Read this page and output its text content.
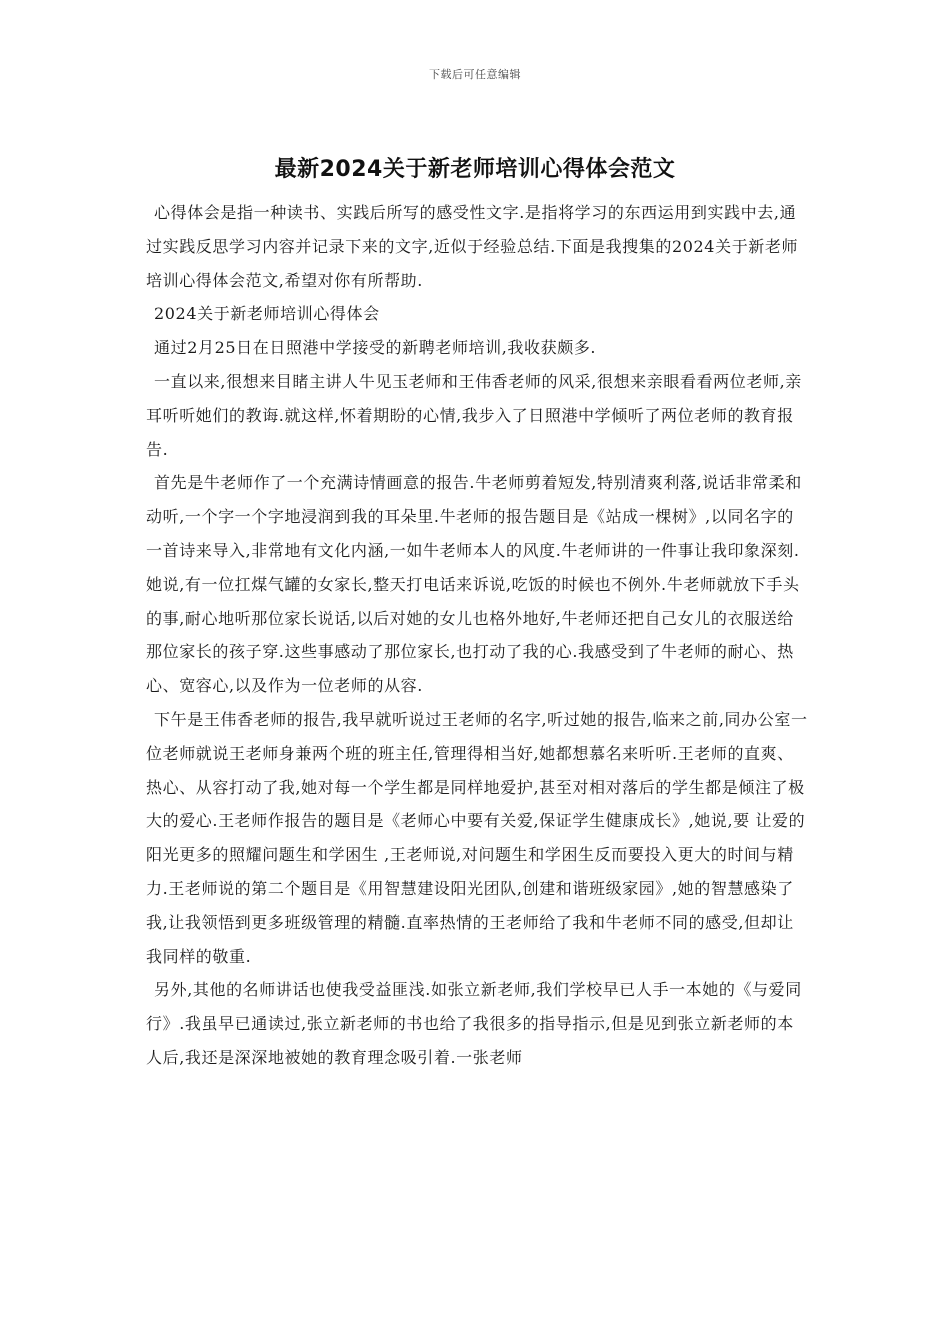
下载后可任意编辑
最新2024关于新老师培训心得体会范文

心得体会是指一种读书、实践后所写的感受性文字.是指将学习的东西运用到实践中去,通过实践反思学习内容并记录下来的文字,近似于经验总结.下面是我搜集的2024关于新老师培训心得体会范文,希望对你有所帮助.

2024关于新老师培训心得体会

通过2月25日在日照港中学接受的新聘老师培训,我收获颇多.

一直以来,很想来目睹主讲人牛见玉老师和王伟香老师的风采,很想来亲眼看看两位老师,亲耳听听她们的教诲.就这样,怀着期盼的心情,我步入了日照港中学倾听了两位老师的教育报告.

首先是牛老师作了一个充满诗情画意的报告.牛老师剪着短发,特别清爽利落,说话非常柔和动听,一个字一个字地浸润到我的耳朵里.牛老师的报告题目是《站成一棵树》,以同名字的一首诗来导入,非常地有文化内涵,一如牛老师本人的风度.牛老师讲的一件事让我印象深刻.她说,有一位扛煤气罐的女家长,整天打电话来诉说,吃饭的时候也不例外.牛老师就放下手头的事,耐心地听那位家长说话,以后对她的女儿也格外地好,牛老师还把自己女儿的衣服送给那位家长的孩子穿.这些事感动了那位家长,也打动了我的心.我感受到了牛老师的耐心、热心、宽容心,以及作为一位老师的从容.

下午是王伟香老师的报告,我早就听说过王老师的名字,听过她的报告,临来之前,同办公室一位老师就说王老师身兼两个班的班主任,管理得相当好,她都想慕名来听听.王老师的直爽、热心、从容打动了我,她对每一个学生都是同样地爱护,甚至对相对落后的学生都是倾注了极大的爱心.王老师作报告的题目是《老师心中要有关爱,保证学生健康成长》,她说,要 让爱的阳光更多的照耀问题生和学困生 ,王老师说,对问题生和学困生反而要投入更大的时间与精力.王老师说的第二个题目是《用智慧建设阳光团队,创建和谐班级家园》,她的智慧感染了我,让我领悟到更多班级管理的精髓.直率热情的王老师给了我和牛老师不同的感受,但却让我同样的敬重.

另外,其他的名师讲话也使我受益匪浅.如张立新老师,我们学校早已人手一本她的《与爱同行》.我虽早已通读过,张立新老师的书也给了我很多的指导指示,但是见到张立新老师的本人后,我还是深深地被她的教育理念吸引着.一张老师
